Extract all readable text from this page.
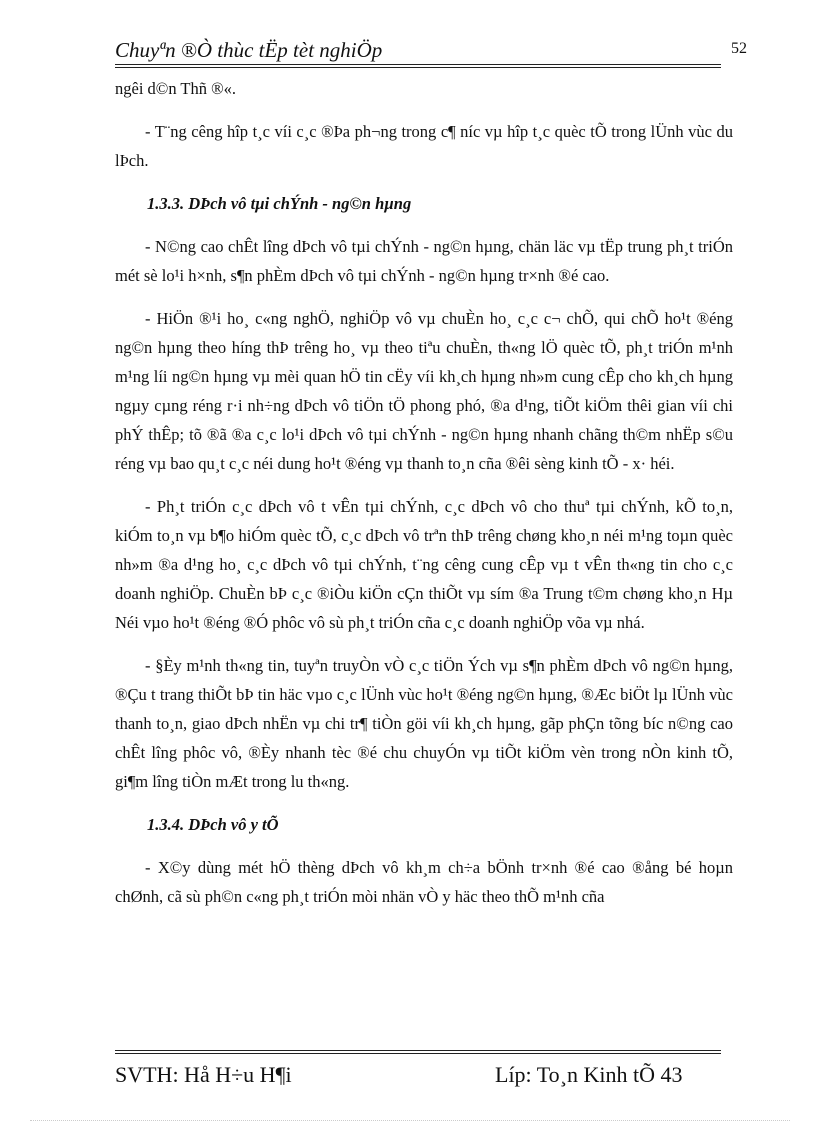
Chuyªn ®Ò thùc tËp tèt nghiÖp	52

ngêi d©n Thñ ®«.

- T¨ng cêng hîp t¸c víi c¸c ®Þa ph¬ng trong c¶ níc vµ hîp t¸c quèc tÕ trong lÜnh vùc du lÞch.

1.3.3. DÞch vô tµi chÝnh - ng©n hµng

- N©ng cao chÊt lîng dÞch vô tµi chÝnh - ng©n hµng, chän läc vµ tËp trung ph¸t triÓn mét sè lo¹i h×nh, s¶n phÈm dÞch vô tµi chÝnh - ng©n hµng tr×nh ®é cao.

- HiÖn ®¹i ho¸ c«ng nghÖ, nghiÖp vô vµ chuÈn ho¸ c¸c c¬ chÕ, qui chÕ ho¹t ®éng ng©n hµng theo híng thÞ trêng ho¸ vµ theo tiªu chuÈn, th«ng lÖ quèc tÕ, ph¸t triÓn m¹nh m¹ng líi ng©n hµng vµ mèi quan hÖ tin cËy víi kh¸ch hµng nh»m cung cÊp cho kh¸ch hµng ngµy cµng réng r·i nh÷ng dÞch vô tiÖn tÖ phong phó, ®a d¹ng, tiÕt kiÖm thêi gian víi chi phÝ thÊp; tõ ®ã ®a c¸c lo¹i dÞch vô tµi chÝnh - ng©n hµng nhanh chãng th©m nhËp s©u réng vµ bao qu¸t c¸c néi dung ho¹t ®éng vµ thanh to¸n cña ®êi sèng kinh tÕ - x· héi.

- Ph¸t triÓn c¸c dÞch vô t vÊn tµi chÝnh, c¸c dÞch vô cho thuª tµi chÝnh, kÕ to¸n, kiÓm to¸n vµ b¶o hiÓm quèc tÕ, c¸c dÞch vô trªn thÞ trêng chøng kho¸n néi m¹ng toµn quèc nh»m ®a d¹ng ho¸ c¸c dÞch vô tµi chÝnh, t¨ng cêng cung cÊp vµ t vÊn th«ng tin cho c¸c doanh nghiÖp. ChuÈn bÞ c¸c ®iÒu kiÖn cÇn thiÕt vµ sím ®a Trung t©m chøng kho¸n Hµ Néi vµo ho¹t ®éng ®Ó phôc vô sù ph¸t triÓn cña c¸c doanh nghiÖp võa vµ nhá.

- §Èy m¹nh th«ng tin, tuyªn truyÒn vÒ c¸c tiÖn Ých vµ s¶n phÈm dÞch vô ng©n hµng, ®Çu t trang thiÕt bÞ tin häc vµo c¸c lÜnh vùc ho¹t ®éng ng©n hµng, ®Æc biÖt lµ lÜnh vùc thanh to¸n, giao dÞch nhËn vµ chi tr¶ tiÒn göi víi kh¸ch hµng, gãp phÇn tõng bíc n©ng cao chÊt lîng phôc vô, ®Èy nhanh tèc ®é chu chuyÓn vµ tiÕt kiÖm vèn trong nÒn kinh tÕ, gi¶m lîng tiÒn mÆt trong lu th«ng.

1.3.4. DÞch vô y tÕ

- X©y dùng mét hÖ thèng dÞch vô kh¸m ch÷a bÖnh tr×nh ®é cao ®ång bé hoµn chØnh, cã sù ph©n c«ng ph¸t triÓn mòi nhän vÒ y häc theo thÕ m¹nh cña

SVTH: Hå H÷u H¶i	Líp: To¸n Kinh tÕ 43
